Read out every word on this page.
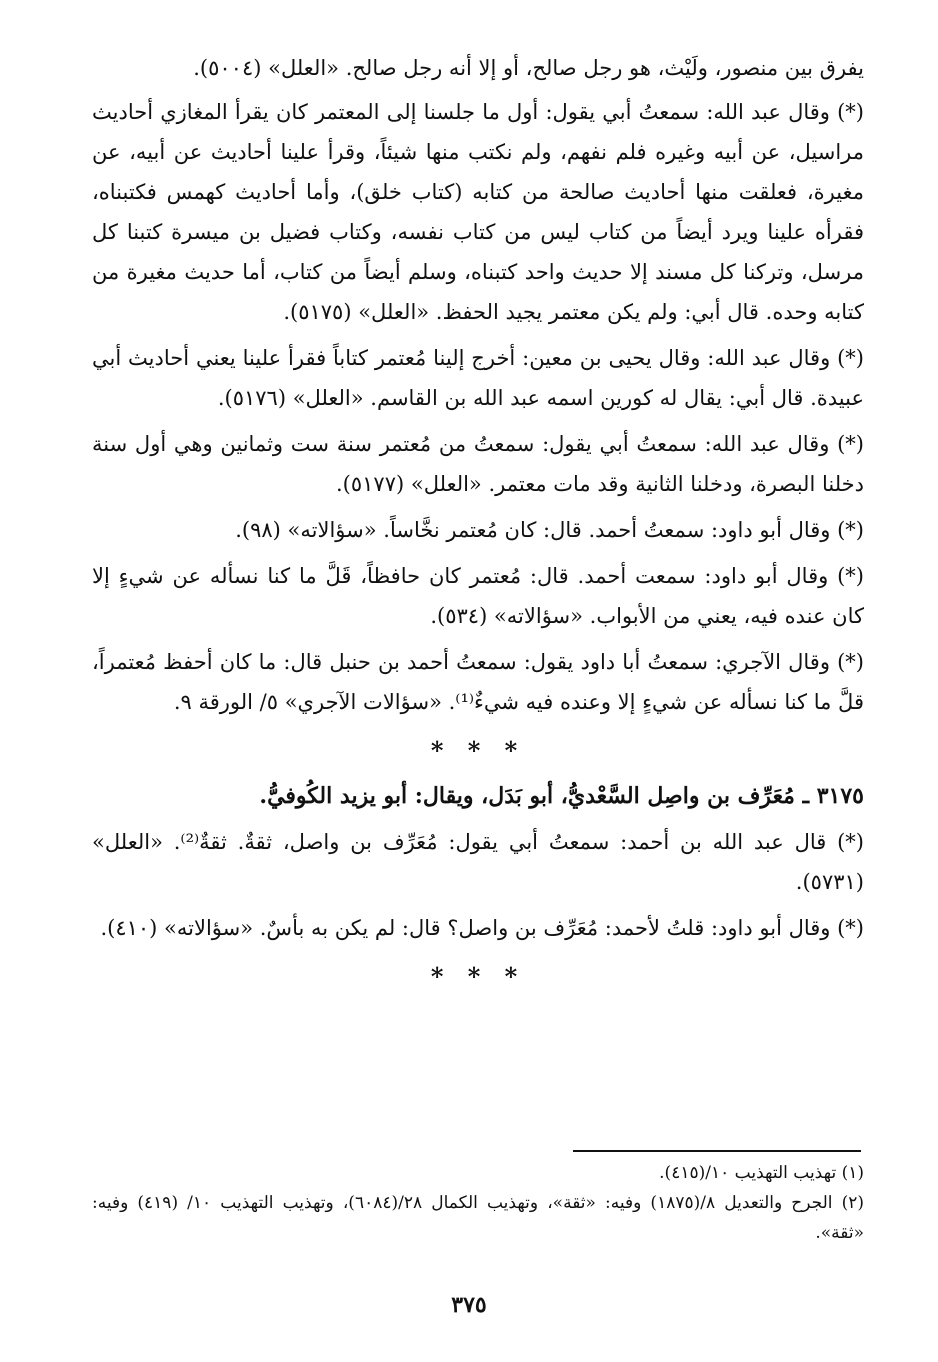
يفرق بين منصور، ولَيْث، هو رجل صالح، أو إلا أنه رجل صالح. «العلل» (٥٠٠٤).

(*) وقال عبد الله: سمعتُ أبي يقول: أول ما جلسنا إلى المعتمر كان يقرأ المغازي أحاديث مراسيل، عن أبيه وغيره فلم نفهم، ولم نكتب منها شيئاً، وقرأ علينا أحاديث عن أبيه، عن مغيرة، فعلقت منها أحاديث صالحة من كتابه (كتاب خلق)، وأما أحاديث كهمس فكتبناه، فقرأه علينا ويرد أيضاً من كتاب ليس من كتاب نفسه، وكتاب فضيل بن ميسرة كتبنا كل مرسل، وتركنا كل مسند إلا حديث واحد كتبناه، وسلم أيضاً من كتاب، أما حديث مغيرة من كتابه وحده. قال أبي: ولم يكن معتمر يجيد الحفظ. «العلل» (٥١٧٥).

(*) وقال عبد الله: وقال يحيى بن معين: أخرج إلينا مُعتمر كتاباً فقرأ علينا يعني أحاديث أبي عبيدة. قال أبي: يقال له كورين اسمه عبد الله بن القاسم. «العلل» (٥١٧٦).

(*) وقال عبد الله: سمعتُ أبي يقول: سمعتُ من مُعتمر سنة ست وثمانين وهي أول سنة دخلنا البصرة، ودخلنا الثانية وقد مات معتمر. «العلل» (٥١٧٧).

(*) وقال أبو داود: سمعتُ أحمد. قال: كان مُعتمر نخَّاساً. «سؤالاته» (٩٨).

(*) وقال أبو داود: سمعت أحمد. قال: مُعتمر كان حافظاً، قَلَّ ما كنا نسأله عن شيءٍ إلا كان عنده فيه، يعني من الأبواب. «سؤالاته» (٥٣٤).

(*) وقال الآجري: سمعتُ أبا داود يقول: سمعتُ أحمد بن حنبل قال: ما كان أحفظ مُعتمراً، قلَّ ما كنا نسأله عن شيءٍ إلا وعنده فيه شيءٌ⁽¹⁾. «سؤالات الآجري» ٥/ الورقة ٩.

* * *
٣١٧٥ ـ مُعَرِّف بن واصِل السَّعْديُّ، أبو بَدَل، ويقال: أبو يزيد الكُوفيُّ.

(*) قال عبد الله بن أحمد: سمعتُ أبي يقول: مُعَرِّف بن واصل، ثقةٌ. ثقةٌ⁽²⁾. «العلل» (٥٧٣١).

(*) وقال أبو داود: قلتُ لأحمد: مُعَرِّف بن واصل؟ قال: لم يكن به بأسٌ. «سؤالاته» (٤١٠).

* * *

(١) تهذيب التهذيب ١٠/(٤١٥).

(٢) الجرح والتعديل ٨/(١٨٧٥) وفيه: «ثقة»، وتهذيب الكمال ٢٨/(٦٠٨٤)، وتهذيب التهذيب ١٠/ (٤١٩) وفيه: «ثقة».

٣٧٥
